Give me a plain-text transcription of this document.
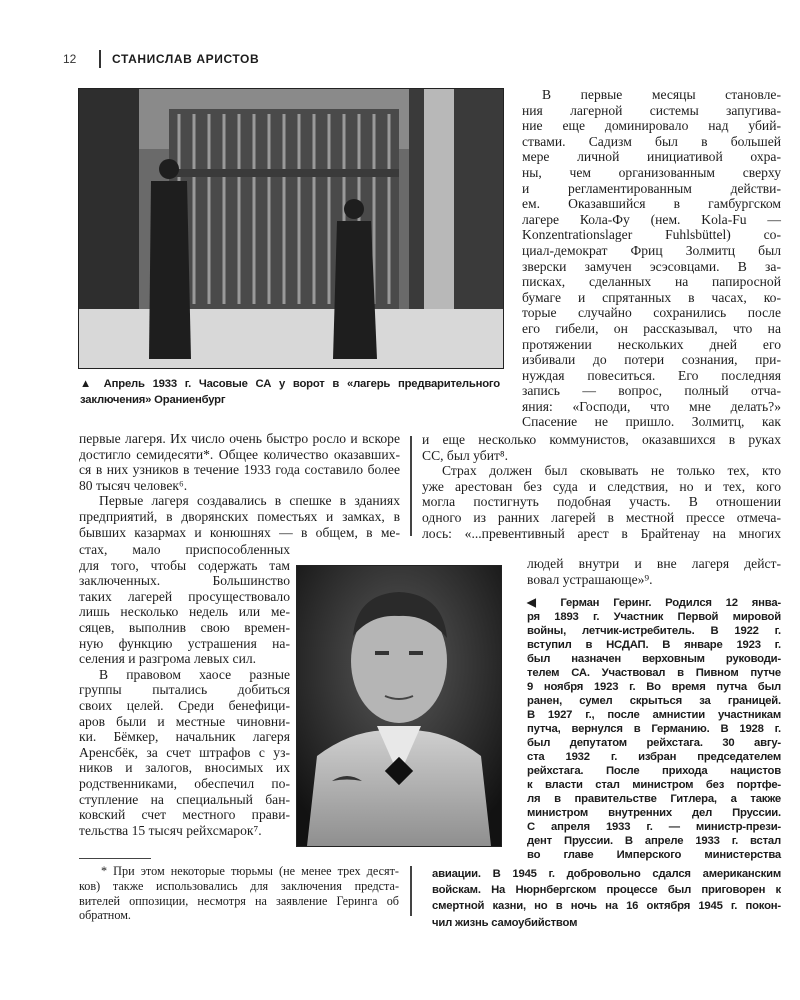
12	СТАНИСЛАВ АРИСТОВ
▲ Апрель 1933 г. Часовые СА у ворот в «лагерь предварительного
заключения» Ораниенбург
В первые месяцы становле-
ния лагерной системы запугива-
ние еще доминировало над убий-
ствами. Садизм был в большей
мере личной инициативой охра-
ны, чем организованным сверху
и регламентированным действи-
ем. Оказавшийся в гамбургском
лагере Кола-Фу (нем. Kola-Fu —
Konzentrationslager Fuhlsbüttel) со-
циал-демократ Фриц Золмитц был
зверски замучен эсэсовцами. В за-
писках, сделанных на папиросной
бумаге и спрятанных в часах, ко-
торые случайно сохранились после
его гибели, он рассказывал, что на
протяжении нескольких дней его
избивали до потери сознания, при-
нуждая повеситься. Его последняя
запись — вопрос, полный отча-
яния: «Господи, что мне делать?»
Спасение не пришло. Золмитц, как
и еще несколько коммунистов, оказавшихся в руках
СС, был убит⁸.
Страх должен был сковывать не только тех, кто
уже арестован без суда и следствия, но и тех, кого
могла постигнуть подобная участь. В отношении
одного из ранних лагерей в местной прессе отмеча-
лось: «...превентивный арест в Брайтенау на многих
людей внутри и вне лагеря дейст-
вовал устрашающе»⁹.
первые лагеря. Их число очень быстро росло и вскоре
достигло семидесяти*. Общее количество оказавших-
ся в них узников в течение 1933 года составило более
80 тысяч человек⁶.
Первые лагеря создавались в спешке в зданиях
предприятий, в дворянских поместьях и замках, в
бывших казармах и конюшнях — в общем, в ме-
стах, мало приспособленных
для того, чтобы содержать там
заключенных. Большинство
таких лагерей просуществовало
лишь несколько недель или ме-
сяцев, выполнив свою времен-
ную функцию устрашения на-
селения и разгрома левых сил.
В правовом хаосе разные
группы пытались добиться
своих целей. Среди бенефици-
аров были и местные чиновни-
ки. Бёмкер, начальник лагеря
Аренсбёк, за счет штрафов с уз-
ников и залогов, вносимых их
родственниками, обеспечил по-
ступление на специальный бан-
ковский счет местного прави-
тельства 15 тысяч рейхсмарок⁷.
◀ Герман Геринг. Родился 12 янва-
ря 1893 г. Участник Первой мировой
войны, летчик-истребитель. В 1922 г.
вступил в НСДАП. В январе 1923 г.
был назначен верховным руководи-
телем СА. Участвовал в Пивном путче
9 ноября 1923 г. Во время путча был
ранен, сумел скрыться за границей.
В 1927 г., после амнистии участникам
путча, вернулся в Германию. В 1928 г.
был депутатом рейхстага. 30 авгу-
ста 1932 г. избран председателем
рейхстага. После прихода нацистов
к власти стал министром без портфе-
ля в правительстве Гитлера, а также
министром внутренних дел Пруссии.
С апреля 1933 г. — министр-прези-
дент Пруссии. В апреле 1933 г. встал
во главе Имперского министерства
авиации. В 1945 г. добровольно сдался американским
войскам. На Нюрнбергском процессе был приговорен к
смертной казни, но в ночь на 16 октября 1945 г. покон-
чил жизнь самоубийством
* При этом некоторые тюрьмы (не менее трех десят-
ков) также использовались для заключения предста-
вителей оппозиции, несмотря на заявление Геринга об
обратном.
